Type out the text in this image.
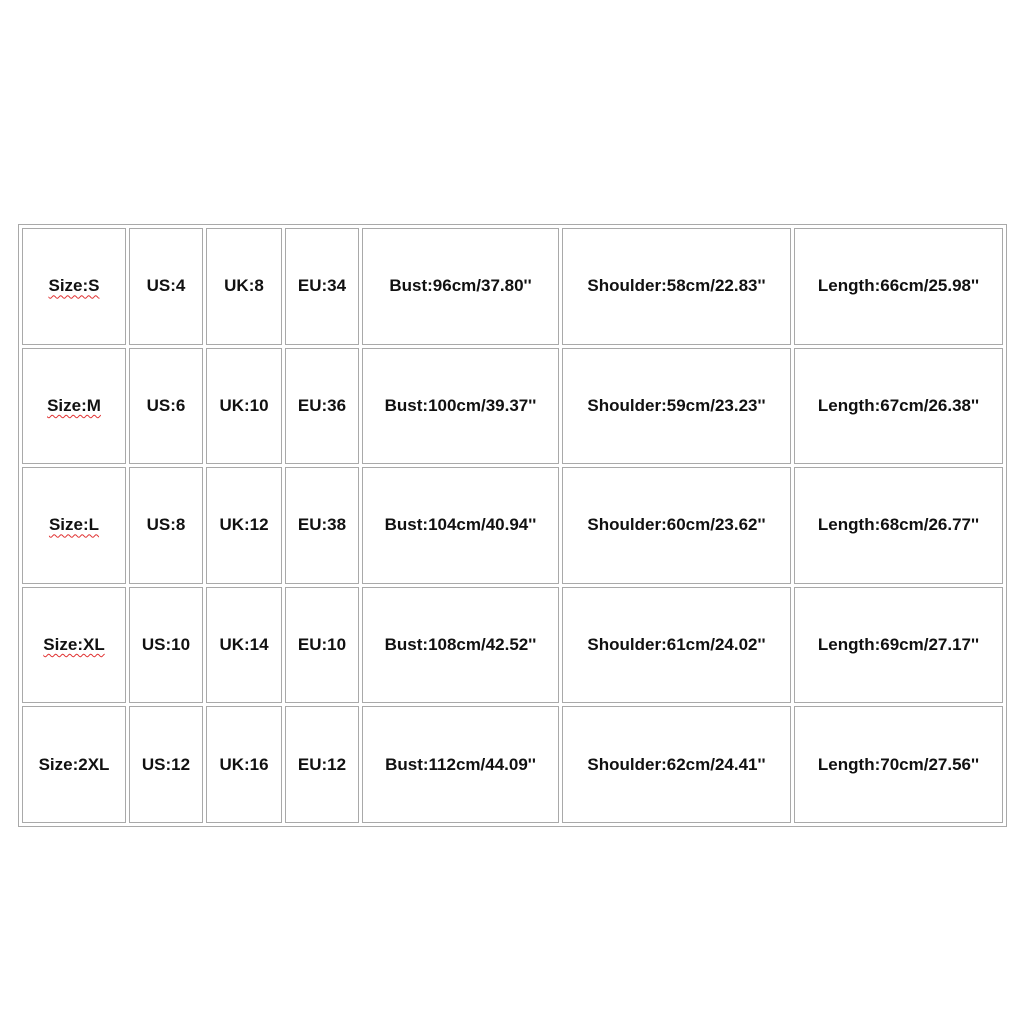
Size:S	US:4	UK:8	EU:34	Bust:96cm/37.80''	Shoulder:58cm/22.83''	Length:66cm/25.98''
Size:M	US:6	UK:10	EU:36	Bust:100cm/39.37''	Shoulder:59cm/23.23''	Length:67cm/26.38''
Size:L	US:8	UK:12	EU:38	Bust:104cm/40.94''	Shoulder:60cm/23.62''	Length:68cm/26.77''
Size:XL	US:10	UK:14	EU:10	Bust:108cm/42.52''	Shoulder:61cm/24.02''	Length:69cm/27.17''
Size:2XL	US:12	UK:16	EU:12	Bust:112cm/44.09''	Shoulder:62cm/24.41''	Length:70cm/27.56''
